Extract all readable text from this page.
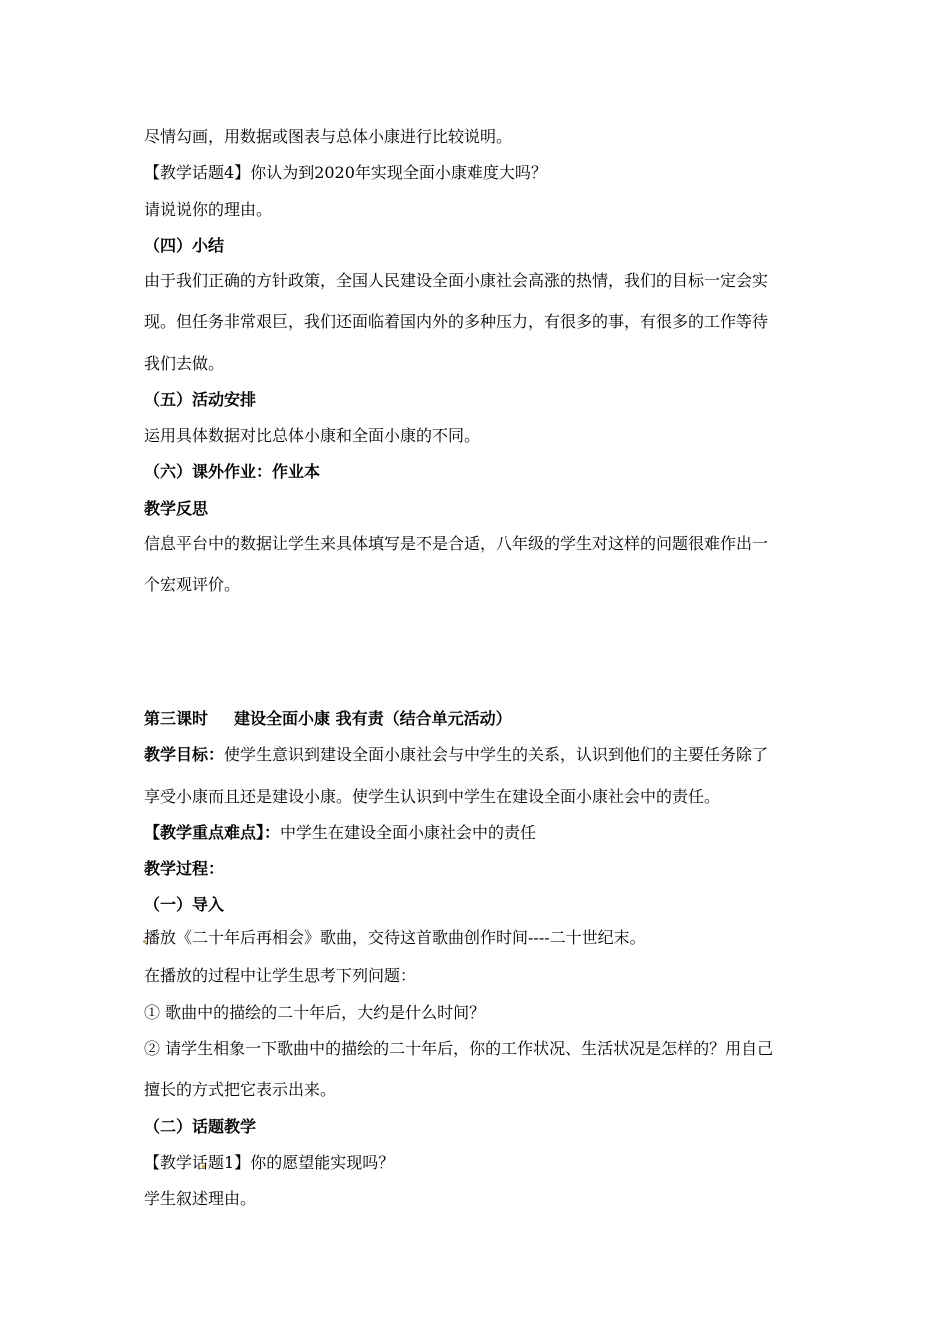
尽情勾画，用数据或图表与总体小康进行比较说明。
【教学话题4】你认为到2020年实现全面小康难度大吗？
请说说你的理由。
（四）小结
由于我们正确的方针政策，全国人民建设全面小康社会高涨的热情，我们的目标一定会实
现。但任务非常艰巨，我们还面临着国内外的多种压力，有很多的事，有很多的工作等待
我们去做。
（五）活动安排
运用具体数据对比总体小康和全面小康的不同。
（六）课外作业：作业本
教学反思
信息平台中的数据让学生来具体填写是不是合适，八年级的学生对这样的问题很难作出一
个宏观评价。
第三课时 建设全面小康 我有责（结合单元活动）
教学目标：使学生意识到建设全面小康社会与中学生的关系，认识到他们的主要任务除了
享受小康而且还是建设小康。使学生认识到中学生在建设全面小康社会中的责任。
【教学重点难点】：中学生在建设全面小康社会中的责任
教学过程：
（一）导入
播放《二十年后再相会》歌曲，交待这首歌曲创作时间----二十世纪末。
在播放的过程中让学生思考下列问题：
① 歌曲中的描绘的二十年后，大约是什么时间？
② 请学生相象一下歌曲中的描绘的二十年后，你的工作状况、生活状况是怎样的？用自己
擅长的方式把它表示出来。
（二）话题教学
【教学话题1】你的愿望能实现吗？
学生叙述理由。
